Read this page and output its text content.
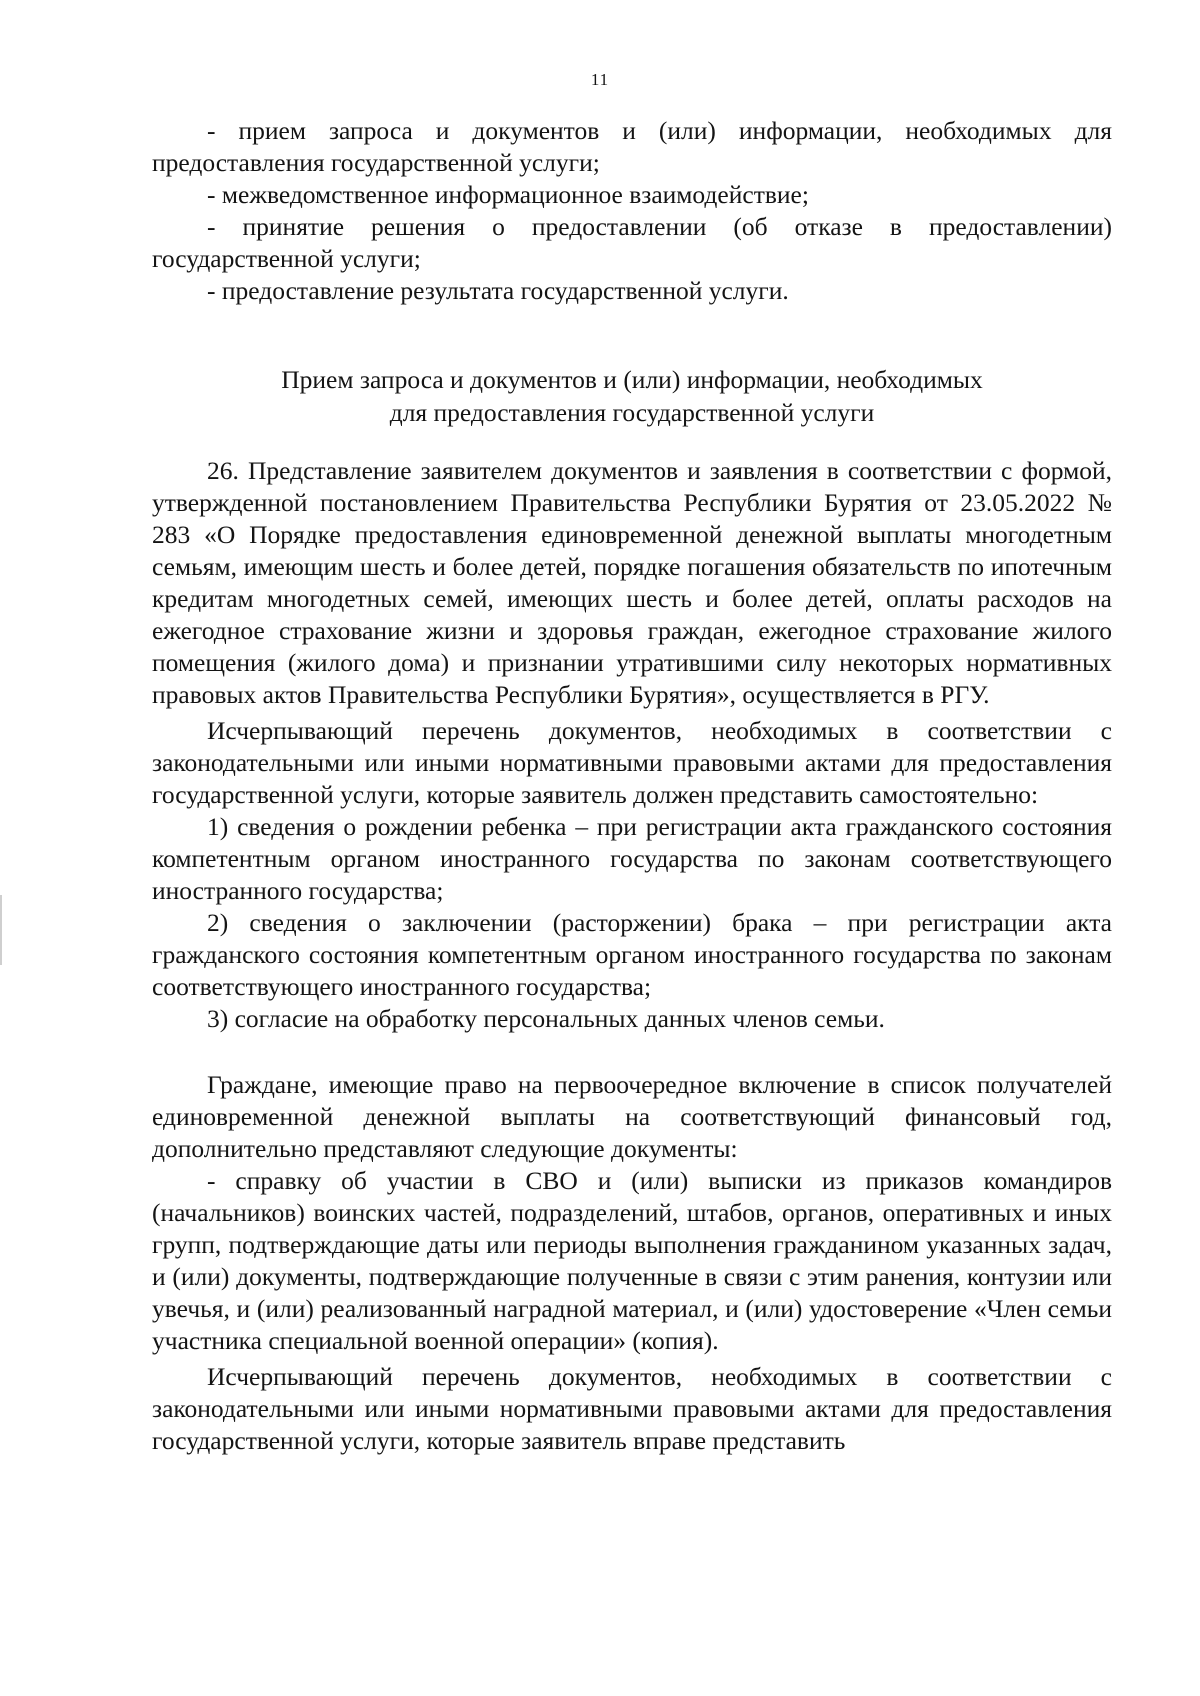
11

- прием запроса и документов и (или) информации, необходимых для предоставления государственной услуги;

- межведомственное информационное взаимодействие;

- принятие решения о предоставлении (об отказе в предоставлении) государственной услуги;

- предоставление результата государственной услуги.

Прием запроса и документов и (или) информации, необходимых
для предоставления государственной услуги

26. Представление заявителем документов и заявления в соответствии с формой, утвержденной постановлением Правительства Республики Бурятия от 23.05.2022 № 283 «О Порядке предоставления единовременной денежной выплаты многодетным семьям, имеющим шесть и более детей, порядке погашения обязательств по ипотечным кредитам многодетных семей, имеющих шесть и более детей, оплаты расходов на ежегодное страхование жизни и здоровья граждан, ежегодное страхование жилого помещения (жилого дома) и признании утратившими силу некоторых нормативных правовых актов Правительства Республики Бурятия», осуществляется в РГУ.

Исчерпывающий перечень документов, необходимых в соответствии с законодательными или иными нормативными правовыми актами для предоставления государственной услуги, которые заявитель должен представить самостоятельно:

1) сведения о рождении ребенка – при регистрации акта гражданского состояния компетентным органом иностранного государства по законам соответствующего иностранного государства;

2) сведения о заключении (расторжении) брака – при регистрации акта гражданского состояния компетентным органом иностранного государства по законам соответствующего иностранного государства;

3) согласие на обработку персональных данных членов семьи.

Граждане, имеющие право на первоочередное включение в список получателей единовременной денежной выплаты на соответствующий финансовый год, дополнительно представляют следующие документы:

- справку об участии в СВО и (или) выписки из приказов командиров (начальников) воинских частей, подразделений, штабов, органов, оперативных и иных групп, подтверждающие даты или периоды выполнения гражданином указанных задач, и (или) документы, подтверждающие полученные в связи с этим ранения, контузии или увечья, и (или) реализованный наградной материал, и (или) удостоверение «Член семьи участника специальной военной операции» (копия).

Исчерпывающий перечень документов, необходимых в соответствии с законодательными или иными нормативными правовыми актами для предоставления государственной услуги, которые заявитель вправе представить
